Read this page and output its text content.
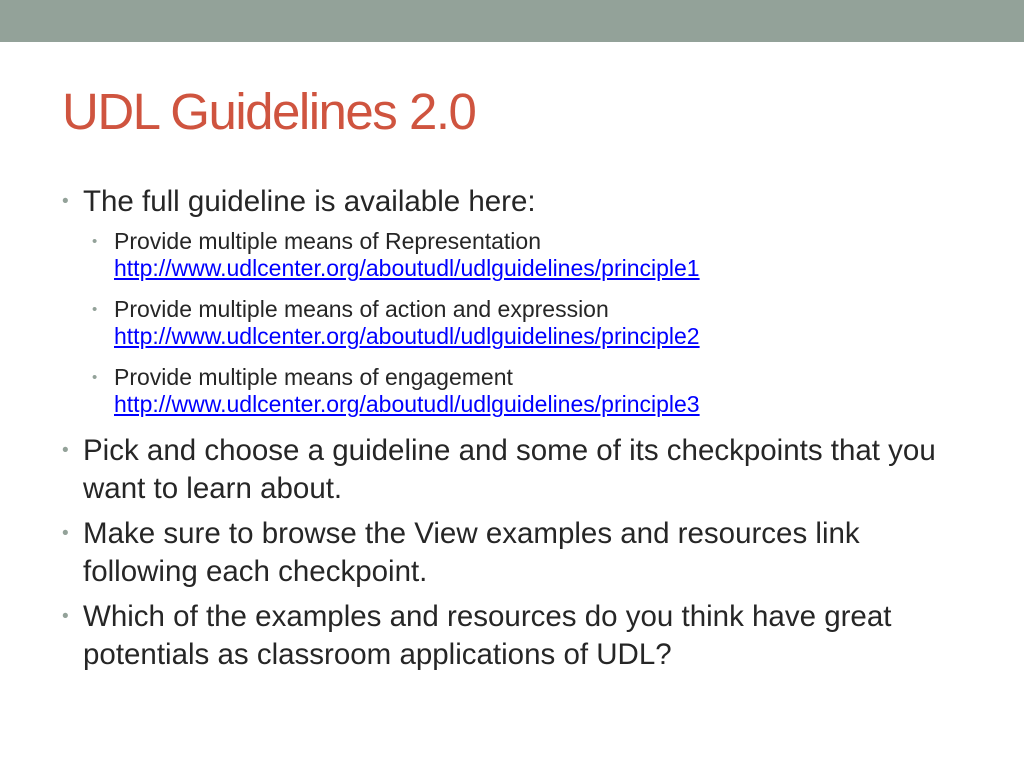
UDL Guidelines 2.0
• The full guideline is available here:
• Provide multiple means of Representation
http://www.udlcenter.org/aboutudl/udlguidelines/principle1
• Provide multiple means of action and expression
http://www.udlcenter.org/aboutudl/udlguidelines/principle2
• Provide multiple means of engagement
http://www.udlcenter.org/aboutudl/udlguidelines/principle3
• Pick and choose a guideline and some of its checkpoints that you want to learn about.
• Make sure to browse the View examples and resources link following each checkpoint.
• Which of the examples and resources do you think have great potentials as classroom applications of UDL?
